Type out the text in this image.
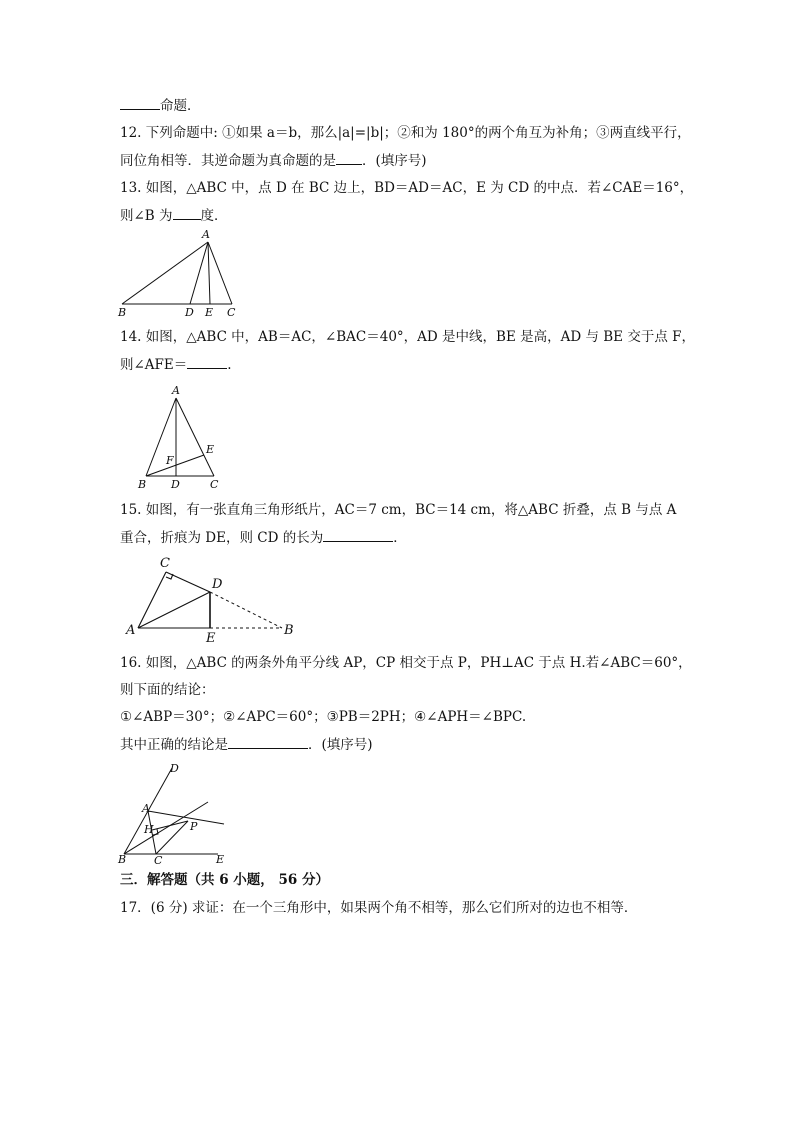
命题．
12. 下列命题中: ①如果 a＝b，那么|a|=|b|；②和为 180°的两个角互为补角；③两直线平行，
同位角相等．其逆命题为真命题的是 ．(填序号)
13. 如图，△ABC 中，点 D 在 BC 边上，BD＝AD＝AC，E 为 CD 的中点．若∠CAE＝16°，
则∠B 为 度．
A
B	D E C
14. 如图，△ABC 中，AB＝AC，∠BAC＝40°，AD 是中线，BE 是高，AD 与 BE 交于点 F，
则∠AFE＝	.
A
E
F
B D	C
15. 如图，有一张直角三角形纸片，AC＝7 cm，BC＝14 cm，将△ABC 折叠，点 B 与点 A
重合，折痕为 DE，则 CD 的长为	．
C
D
A
E
B
16. 如图，△ABC 的两条外角平分线 AP，CP 相交于点 P，PH⊥AC 于点 H.若∠ABC＝60°，
则下面的结论：
①∠ABP＝30°；②∠APC＝60°；③PB＝2PH；④∠APH＝∠BPC.
其中正确的结论是	．(填序号)
D
A
H	P
B	C	E
三．解答题（共 6 小题， 56 分）
17．(6 分) 求证：在一个三角形中，如果两个角不相等，那么它们所对的边也不相等．
